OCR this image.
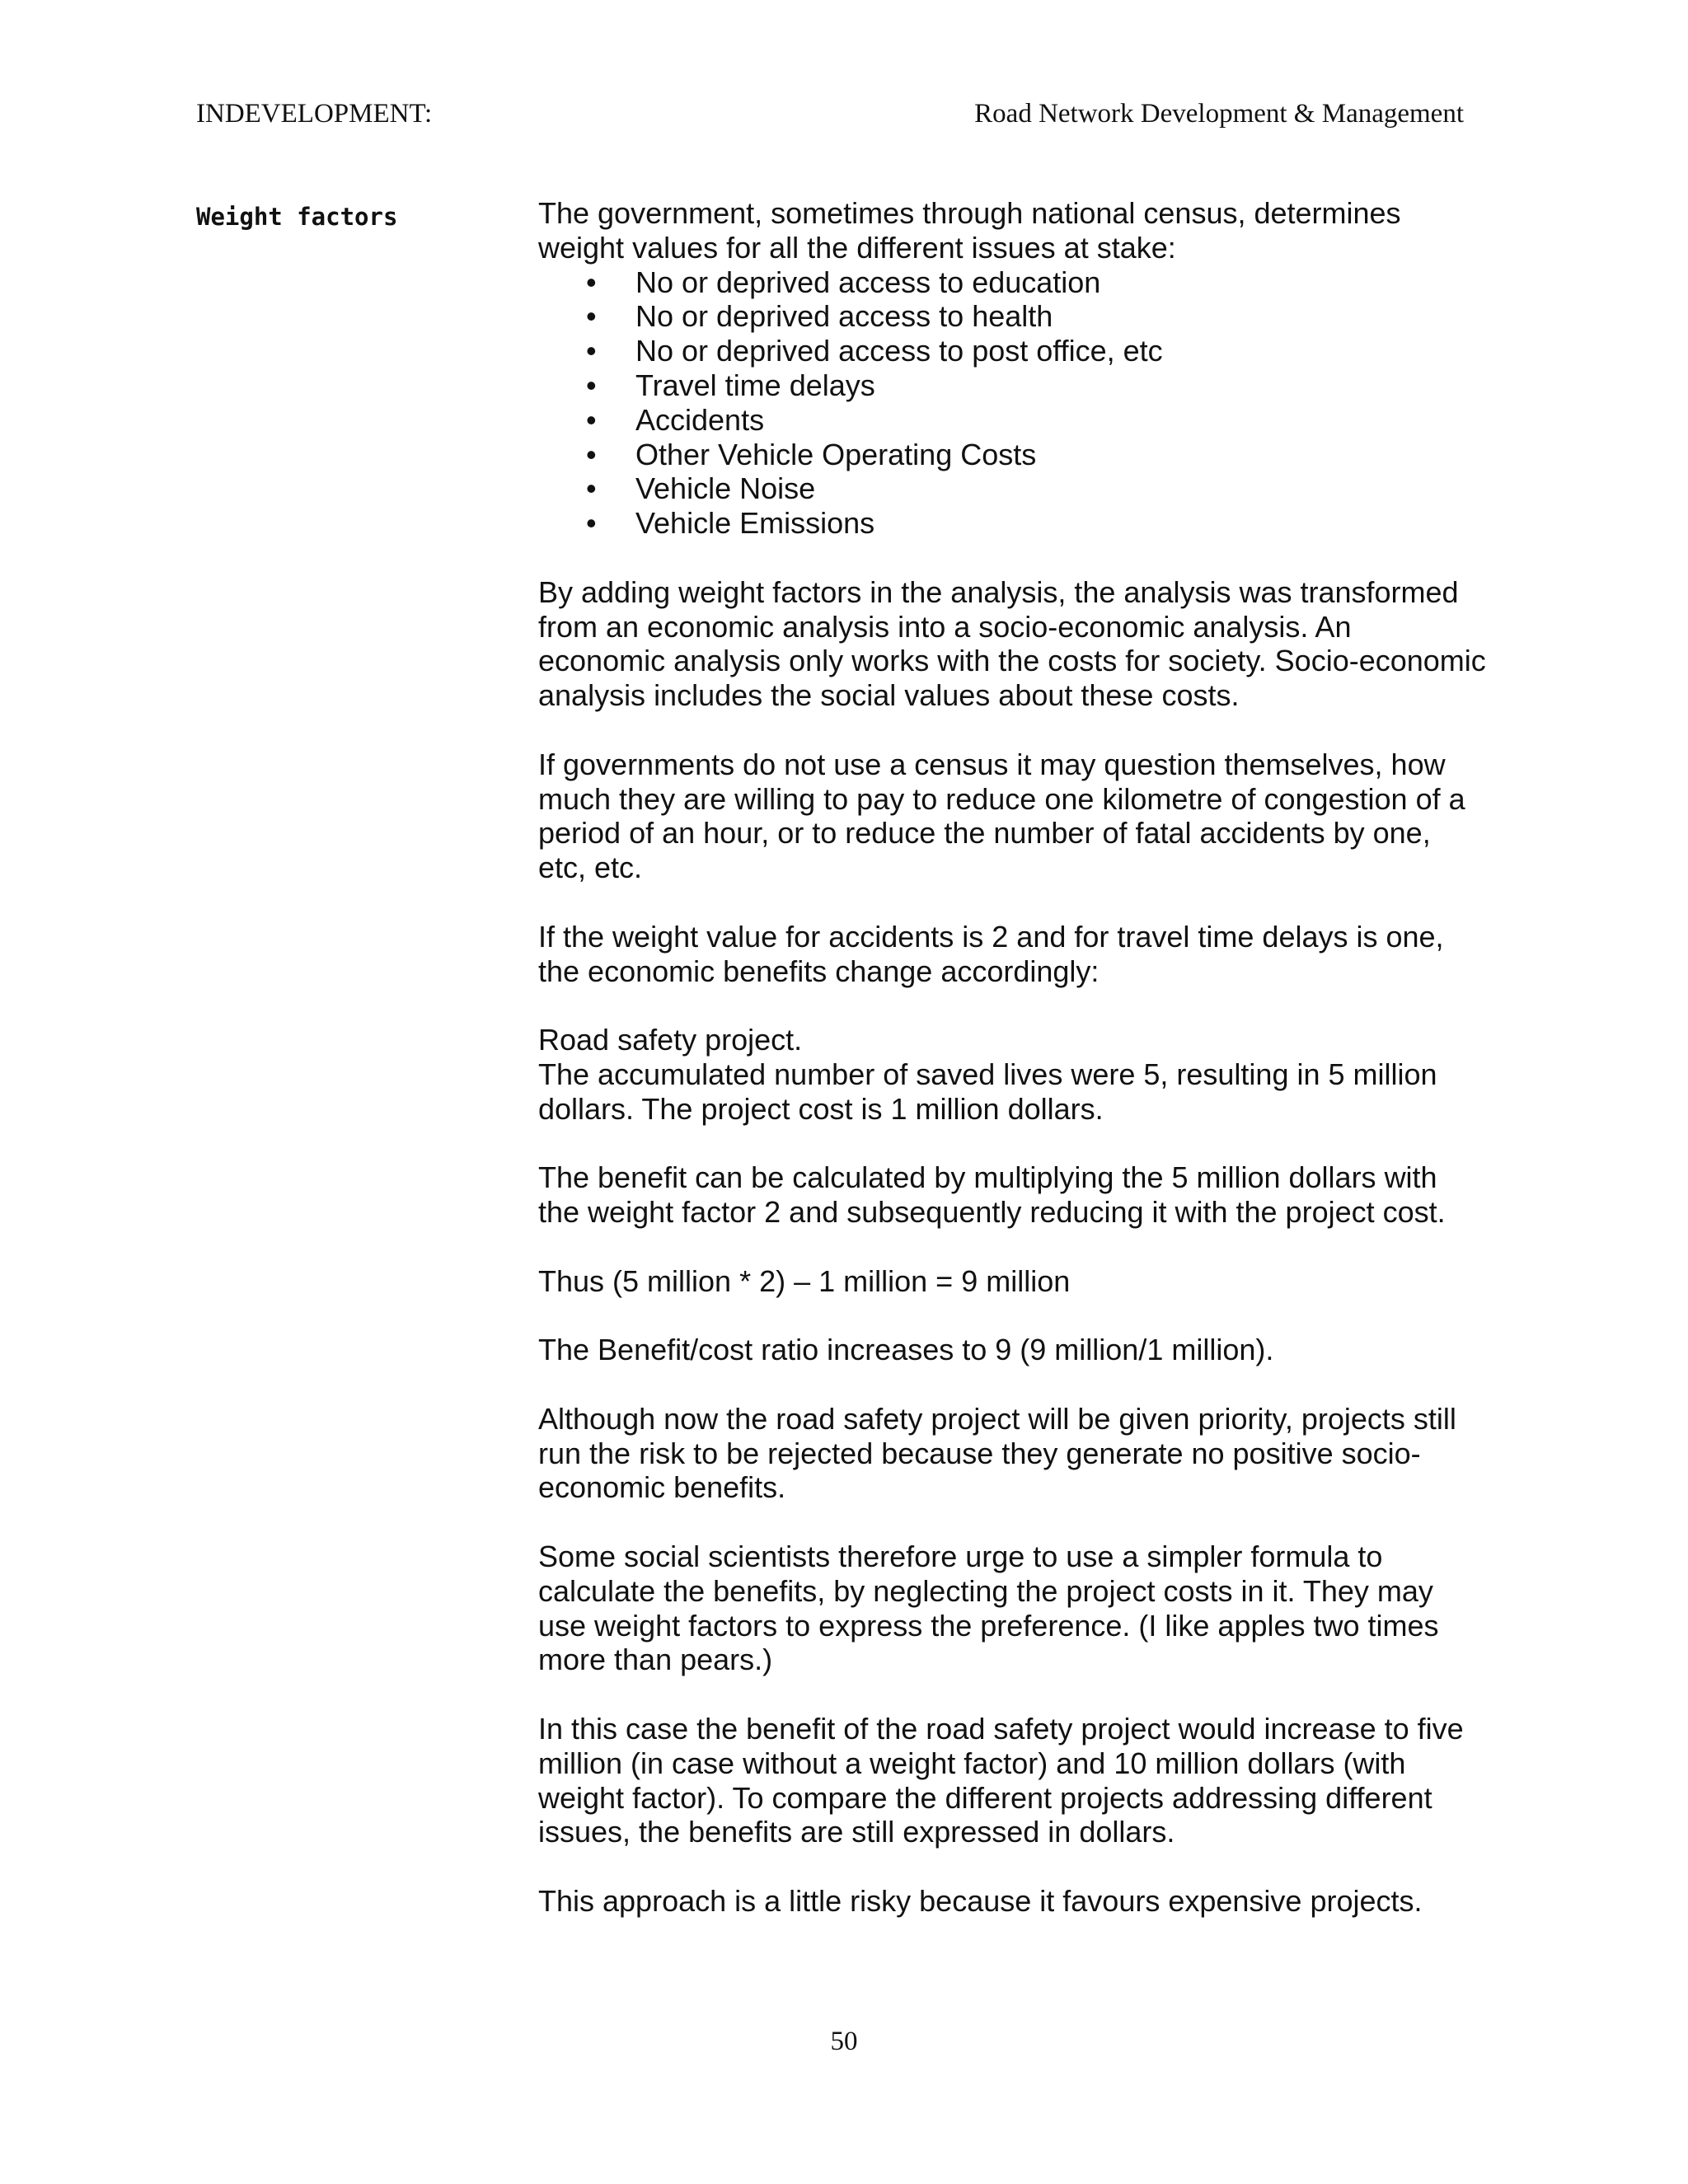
INDEVELOPMENT:	Road Network Development & Management
Weight factors	The government, sometimes through national census, determines weight values for all the different issues at stake:

• No or deprived access to education
• No or deprived access to health
• No or deprived access to post office, etc
• Travel time delays
• Accidents
• Other Vehicle Operating Costs
• Vehicle Noise
• Vehicle Emissions

By adding weight factors in the analysis, the analysis was transformed from an economic analysis into a socio-economic analysis. An economic analysis only works with the costs for society. Socio-economic analysis includes the social values about these costs.

If governments do not use a census it may question themselves, how much they are willing to pay to reduce one kilometre of congestion of a period of an hour, or to reduce the number of fatal accidents by one, etc, etc.

If the weight value for accidents is 2 and for travel time delays is one, the economic benefits change accordingly:

Road safety project.

The accumulated number of saved lives were 5, resulting in 5 million dollars. The project cost is 1 million dollars.

The benefit can be calculated by multiplying the 5 million dollars with the weight factor 2 and subsequently reducing it with the project cost.

Thus (5 million * 2) – 1 million = 9 million

The Benefit/cost ratio increases to 9 (9 million/1 million).

Although now the road safety project will be given priority, projects still run the risk to be rejected because they generate no positive socio-economic benefits.

Some social scientists therefore urge to use a simpler formula to calculate the benefits, by neglecting the project costs in it. They may use weight factors to express the preference. (I like apples two times more than pears.)

In this case the benefit of the road safety project would increase to five million (in case without a weight factor) and 10 million dollars (with weight factor). To compare the different projects addressing different issues, the benefits are still expressed in dollars.

This approach is a little risky because it favours expensive projects.

50
